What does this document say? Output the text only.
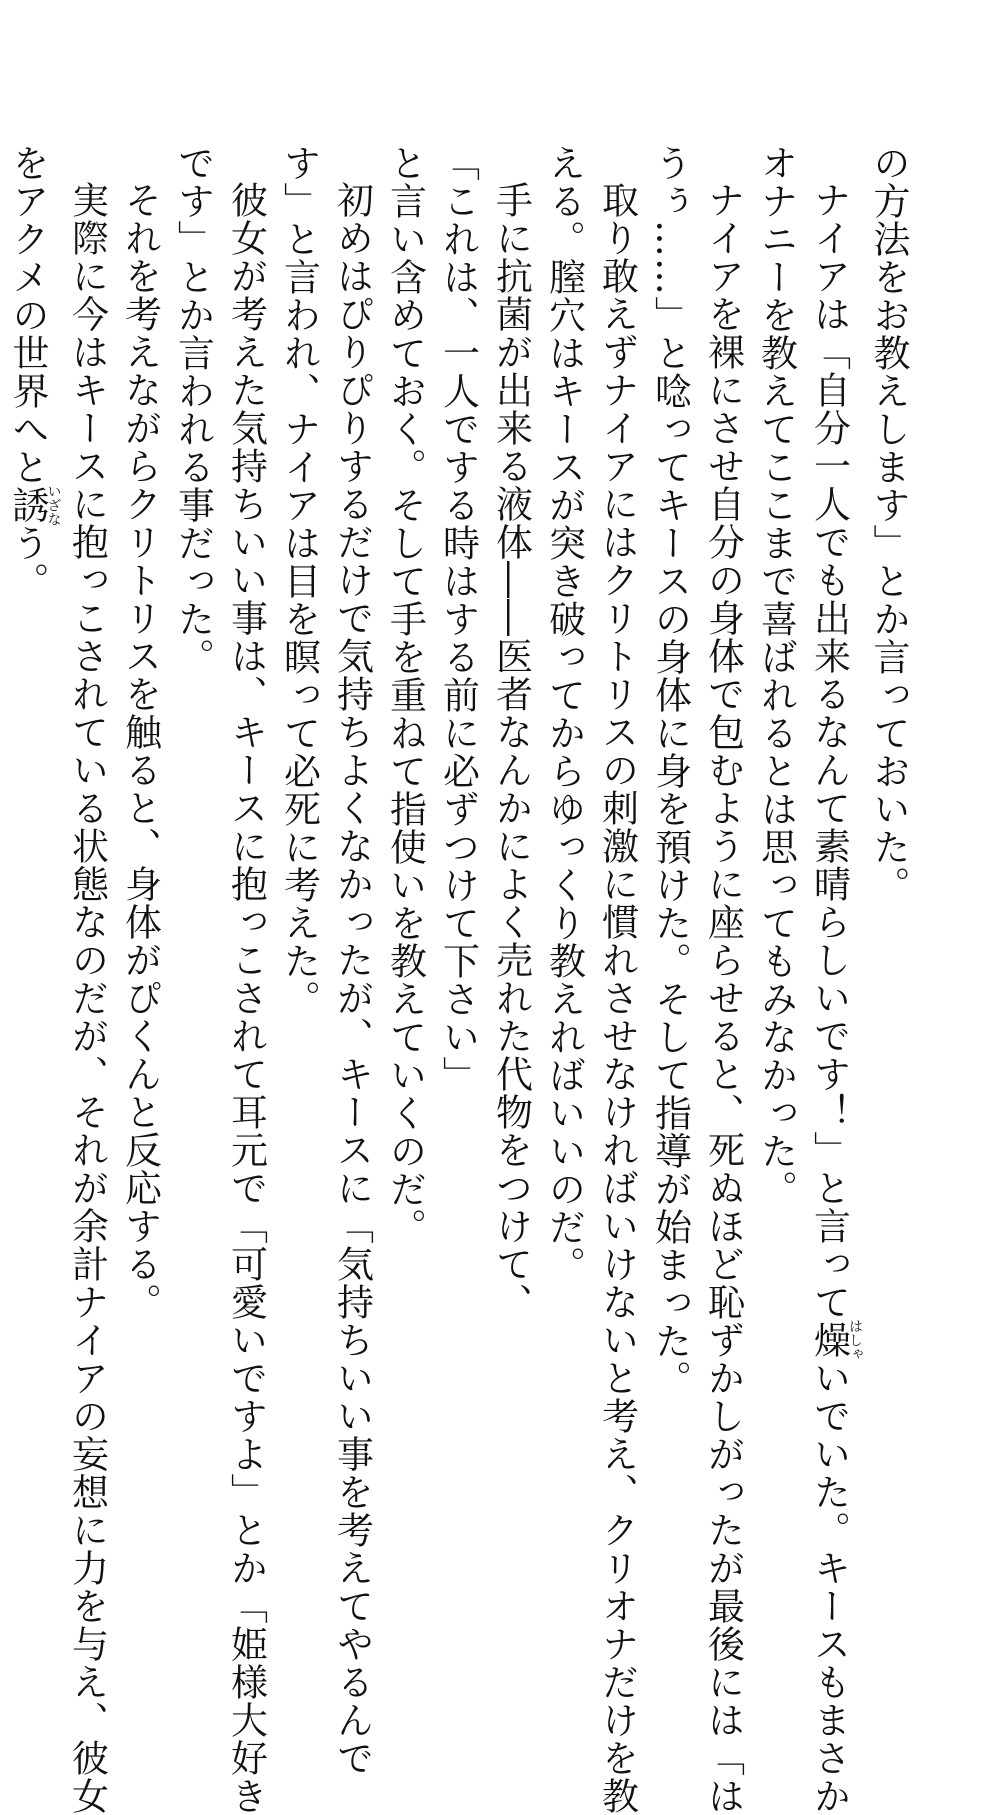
の方法をお教えします」とか言っておいた。
ナイアは「自分一人でも出来るなんて素晴らしいです！」と言って燥はしゃいでいた。キースもまさか
オナニーを教えてここまで喜ばれるとは思ってもみなかった。
ナイアを裸にさせ自分の身体で包むように座らせると、死ぬほど恥ずかしがったが最後には「は
うぅ……」と唸ってキースの身体に身を預けた。そして指導が始まった。
取り敢えずナイアにはクリトリスの刺激に慣れさせなければいけないと考え、クリオナだけを教
える。膣穴はキースが突き破ってからゆっくり教えればいいのだ。
手に抗菌が出来る液体――医者なんかによく売れた代物をつけて、
「これは、一人でする時はする前に必ずつけて下さい」
と言い含めておく。そして手を重ねて指使いを教えていくのだ。
初めはぴりぴりするだけで気持ちよくなかったが、キースに「気持ちいい事を考えてやるんで
す」と言われ、ナイアは目を瞑って必死に考えた。
彼女が考えた気持ちいい事は、キースに抱っこされて耳元で「可愛いですよ」とか「姫様大好き
です」とか言われる事だった。
それを考えながらクリトリスを触ると、身体がぴくんと反応する。
実際に今はキースに抱っこされている状態なのだが、それが余計ナイアの妄想に力を与え、彼女
をアクメの世界へと誘いざなう。
